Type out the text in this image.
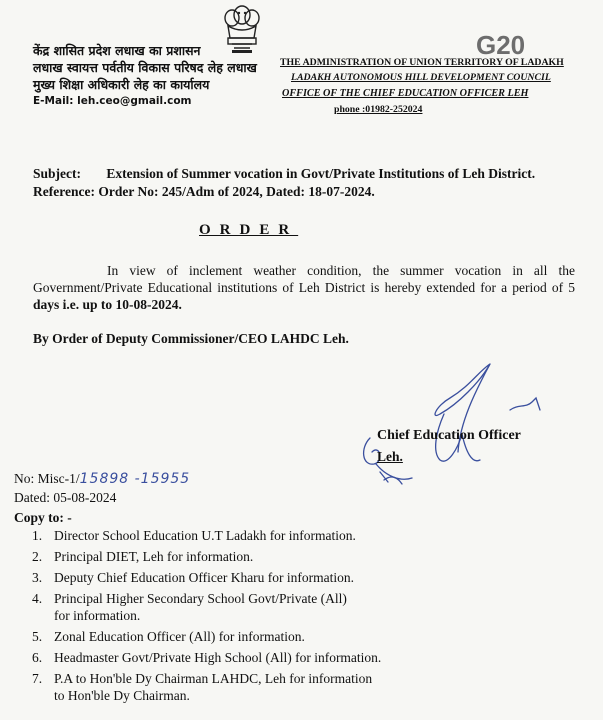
केंद्र शासित प्रदेश लधाख का प्रशासन
लधाख स्वायत्त पर्वतीय विकास परिषद लेह लधाख
मुख्य शिक्षा अधिकारी लेह का कार्यालय
E-Mail: leh.ceo@gmail.com
G20
THE ADMINISTRATION OF UNION TERRITORY OF LADAKH
LADAKH AUTONOMOUS HILL DEVELOPMENT COUNCIL
OFFICE OF THE CHIEF EDUCATION OFFICER LEH
phone :01982-252024
Subject: Extension of Summer vocation in Govt/Private Institutions of Leh District.
Reference: Order No: 245/Adm of 2024, Dated: 18-07-2024.
ORDER
In view of inclement weather condition, the summer vocation in all the Government/Private Educational institutions of Leh District is hereby extended for a period of 5 days i.e. up to 10-08-2024.
By Order of Deputy Commissioner/CEO LAHDC Leh.
Chief Education Officer
Leh.
No: Misc-1/15898 -15955
Dated: 05-08-2024
Copy to: -
1. Director School Education U.T Ladakh for information.
2. Principal DIET, Leh for information.
3. Deputy Chief Education Officer Kharu for information.
4. Principal Higher Secondary School Govt/Private (All)
for information.
5. Zonal Education Officer (All) for information.
6. Headmaster Govt/Private High School (All) for information.
7. P.A to Hon'ble Dy Chairman LAHDC, Leh for information
to Hon'ble Dy Chairman.
